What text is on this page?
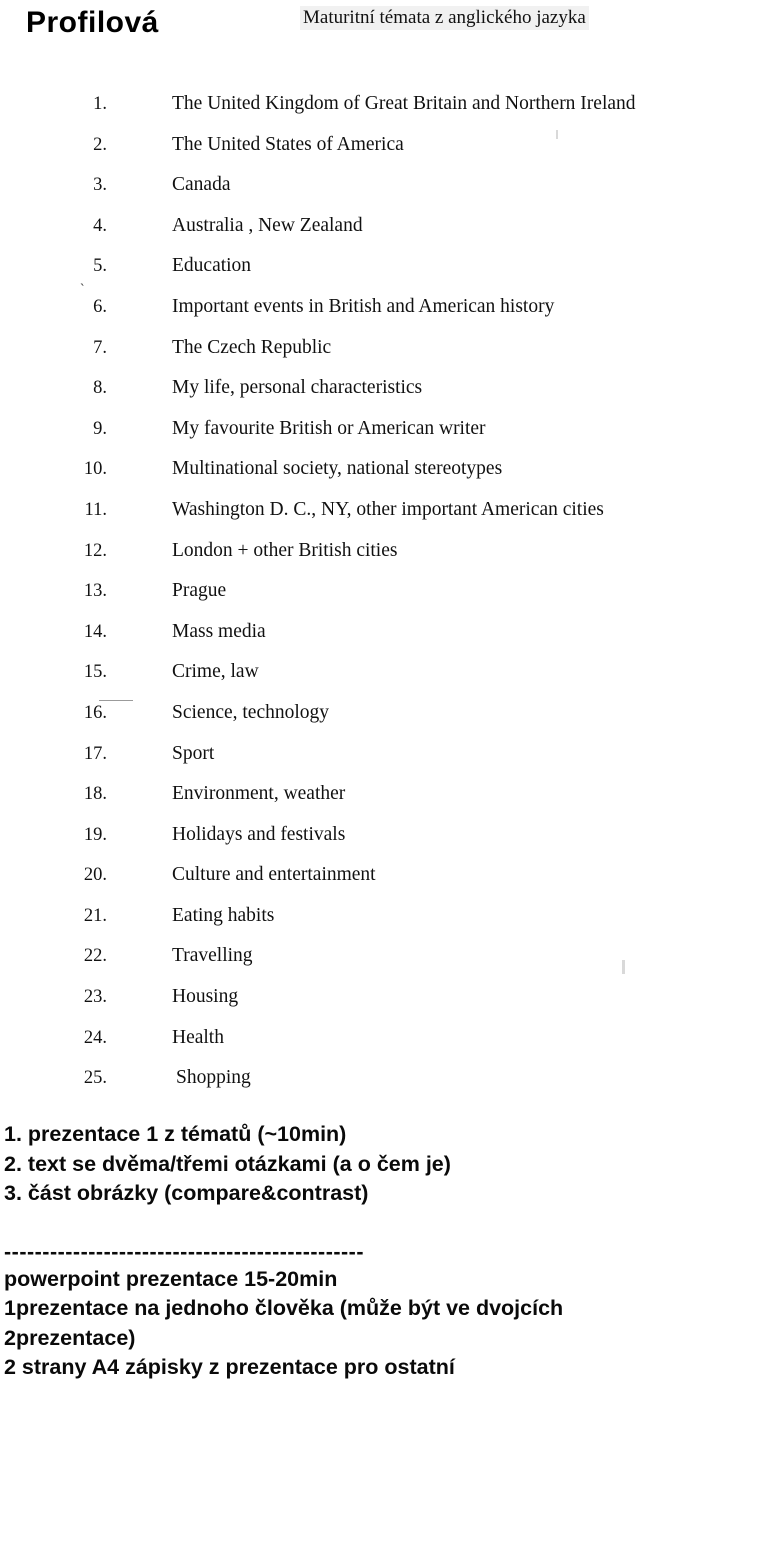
Profilová	Maturitní témata z anglického jazyka
1.	The United Kingdom of Great Britain and Northern Ireland
2.	The United States of America
3.	Canada
4.	Australia , New Zealand
5.	Education
6.	Important events in British and American history
7.	The Czech Republic
8.	My life, personal characteristics
9.	My favourite British or American writer
10.	Multinational society, national stereotypes
11.	Washington D. C., NY, other important American cities
12.	London + other British cities
13.	Prague
14.	Mass media
15.	Crime, law
16.	Science, technology
17.	Sport
18.	Environment, weather
19.	Holidays and festivals
20.	Culture and entertainment
21.	Eating habits
22.	Travelling
23.	Housing
24.	Health
25.	Shopping
`
1. prezentace 1 z tématů (~10min)
2. text se dvěma/třemi otázkami (a o čem je)
3. část obrázky (compare&contrast)
-----------------------------------------------
powerpoint prezentace 15-20min
1prezentace na jednoho člověka (může být ve dvojcích 2prezentace)
2 strany A4 zápisky z prezentace pro ostatní
